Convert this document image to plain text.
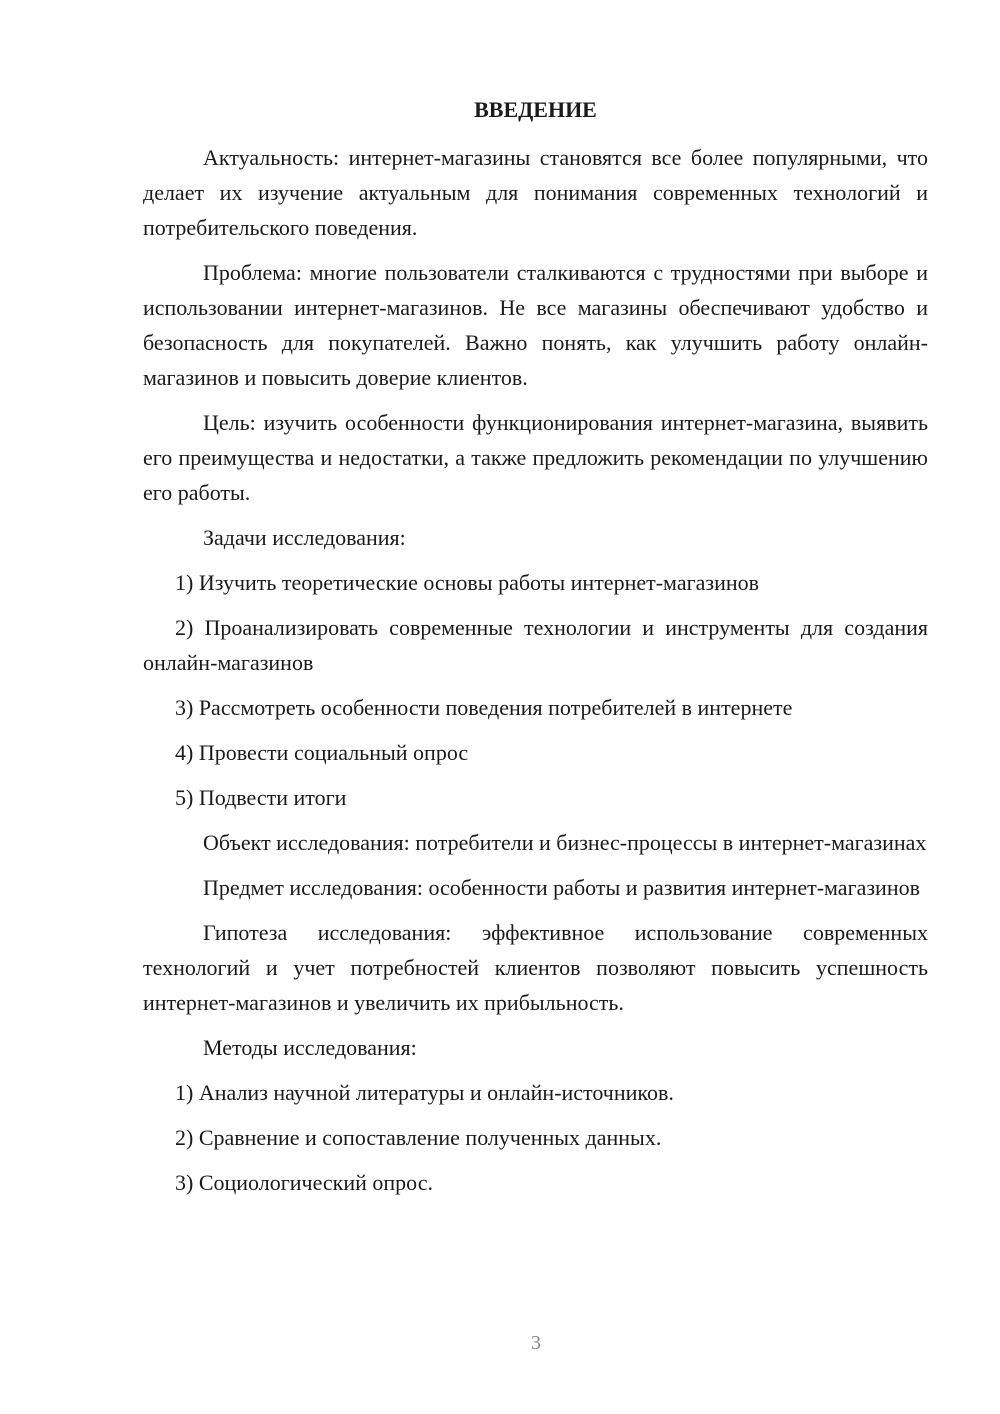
ВВЕДЕНИЕ

Актуальность: интернет-магазины становятся все более популярными, что делает их изучение актуальным для понимания современных технологий и потребительского поведения.

Проблема: многие пользователи сталкиваются с трудностями при выборе и использовании интернет-магазинов. Не все магазины обеспечивают удобство и безопасность для покупателей. Важно понять, как улучшить работу онлайн-магазинов и повысить доверие клиентов.

Цель: изучить особенности функционирования интернет-магазина, выявить его преимущества и недостатки, а также предложить рекомендации по улучшению его работы.

Задачи исследования:

1) Изучить теоретические основы работы интернет-магазинов

2) Проанализировать современные технологии и инструменты для создания онлайн-магазинов

3) Рассмотреть особенности поведения потребителей в интернете

4) Провести социальный опрос

5) Подвести итоги

Объект исследования: потребители и бизнес-процессы в интернет-магазинах

Предмет исследования: особенности работы и развития интернет-магазинов

Гипотеза исследования: эффективное использование современных технологий и учет потребностей клиентов позволяют повысить успешность интернет-магазинов и увеличить их прибыльность.

Методы исследования:

1) Анализ научной литературы и онлайн-источников.

2) Сравнение и сопоставление полученных данных.

3) Социологический опрос.

3
